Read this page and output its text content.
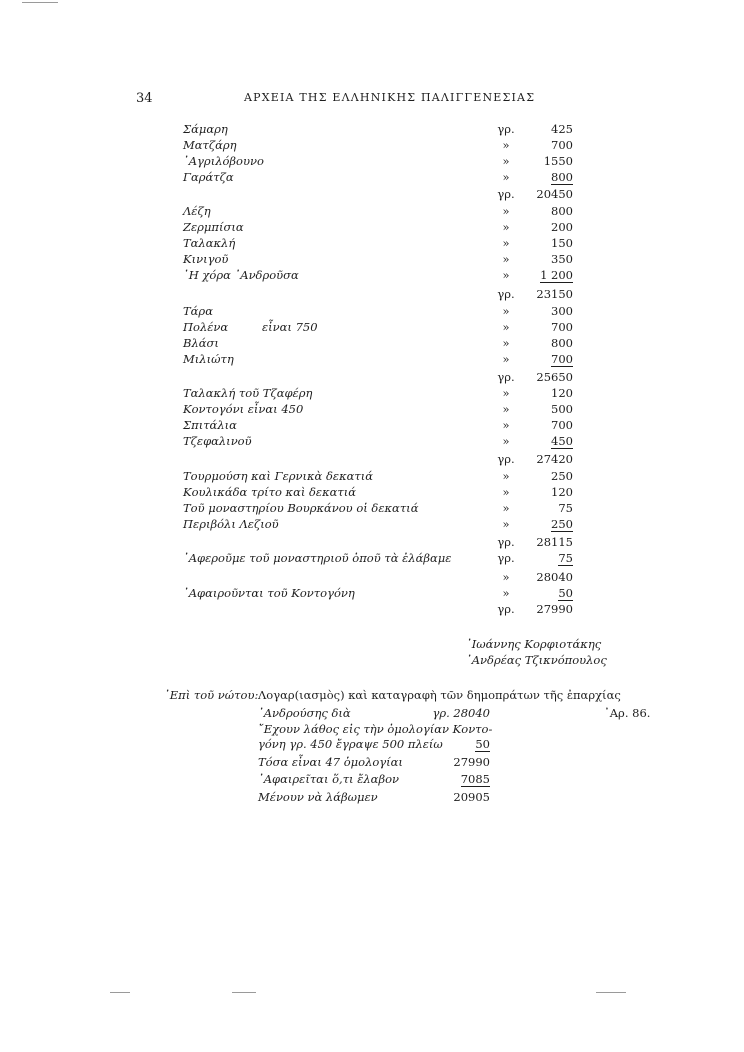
34	ΑΡΧΕΙΑ ΤΗΣ ΕΛΛΗΝΙΚΗΣ ΠΑΛΙΓΓΕΝΕΣΙΑΣ
Σάμαρη	γρ.	425
Ματζάρη	»	700
᾽Αγριλόβουνο	»	1550
Γαράτζα	»	800
γρ.	20450
Λέζη	»	800
Ζερμπίσια	»	200
Ταλακλή	»	150
Κινιγοῦ	»	350
῾Η χόρα ᾽Ανδροῦσα	»	1 200
γρ.	23150
Τάρα	»	300
Πολένα	εἶναι 750	»	700
Βλάσι	»	800
Μιλιώτη	»	700
γρ.	25650
Ταλακλή τοῦ Τζαφέρη	»	120
Κοντογόνι εἶναι 450	»	500
Σπιτάλια	»	700
Τζεφαλινοῦ	»	450
γρ.	27420
Τουρμούση καὶ Γερνικὰ δεκατιά	»	250
Κουλικάδα τρίτο καὶ δεκατιά	»	120
Τοῦ μοναστηρίου Βουρκάνου οἱ δεκατιά	»	75
Περιβόλι Λεζιοῦ	»	250
γρ.	28115
᾽Αφεροῦμε τοῦ μοναστηριοῦ ὁποῦ τὰ ἐλάβαμε	γρ.	75
»	28040
᾽Αφαιροῦνται τοῦ Κοντογόνη	»	50
γρ.	27990
᾽Ιωάννης Κορφιοτάκης
᾽Ανδρέας Τζικνόπουλος
᾽Επὶ τοῦ νώτου: Λογαρ(ιασμὸς) καὶ καταγραφὴ τῶν δημοπράτων τῆς ἐπαρχίας
᾽Αρ. 86.
᾽Ανδρούσης διὰ	γρ. 28040
῎Εχουν λάθος εἰς τὴν ὁμολογίαν Κοντο-
γόνη γρ. 450 ἔγραψε 500 πλείω	50
Τόσα εἶναι 47 ὁμολογίαι	27990
᾽Αφαιρεῖται ὅ,τι ἔλαβον	7085
Μένουν νὰ λάβωμεν	20905
